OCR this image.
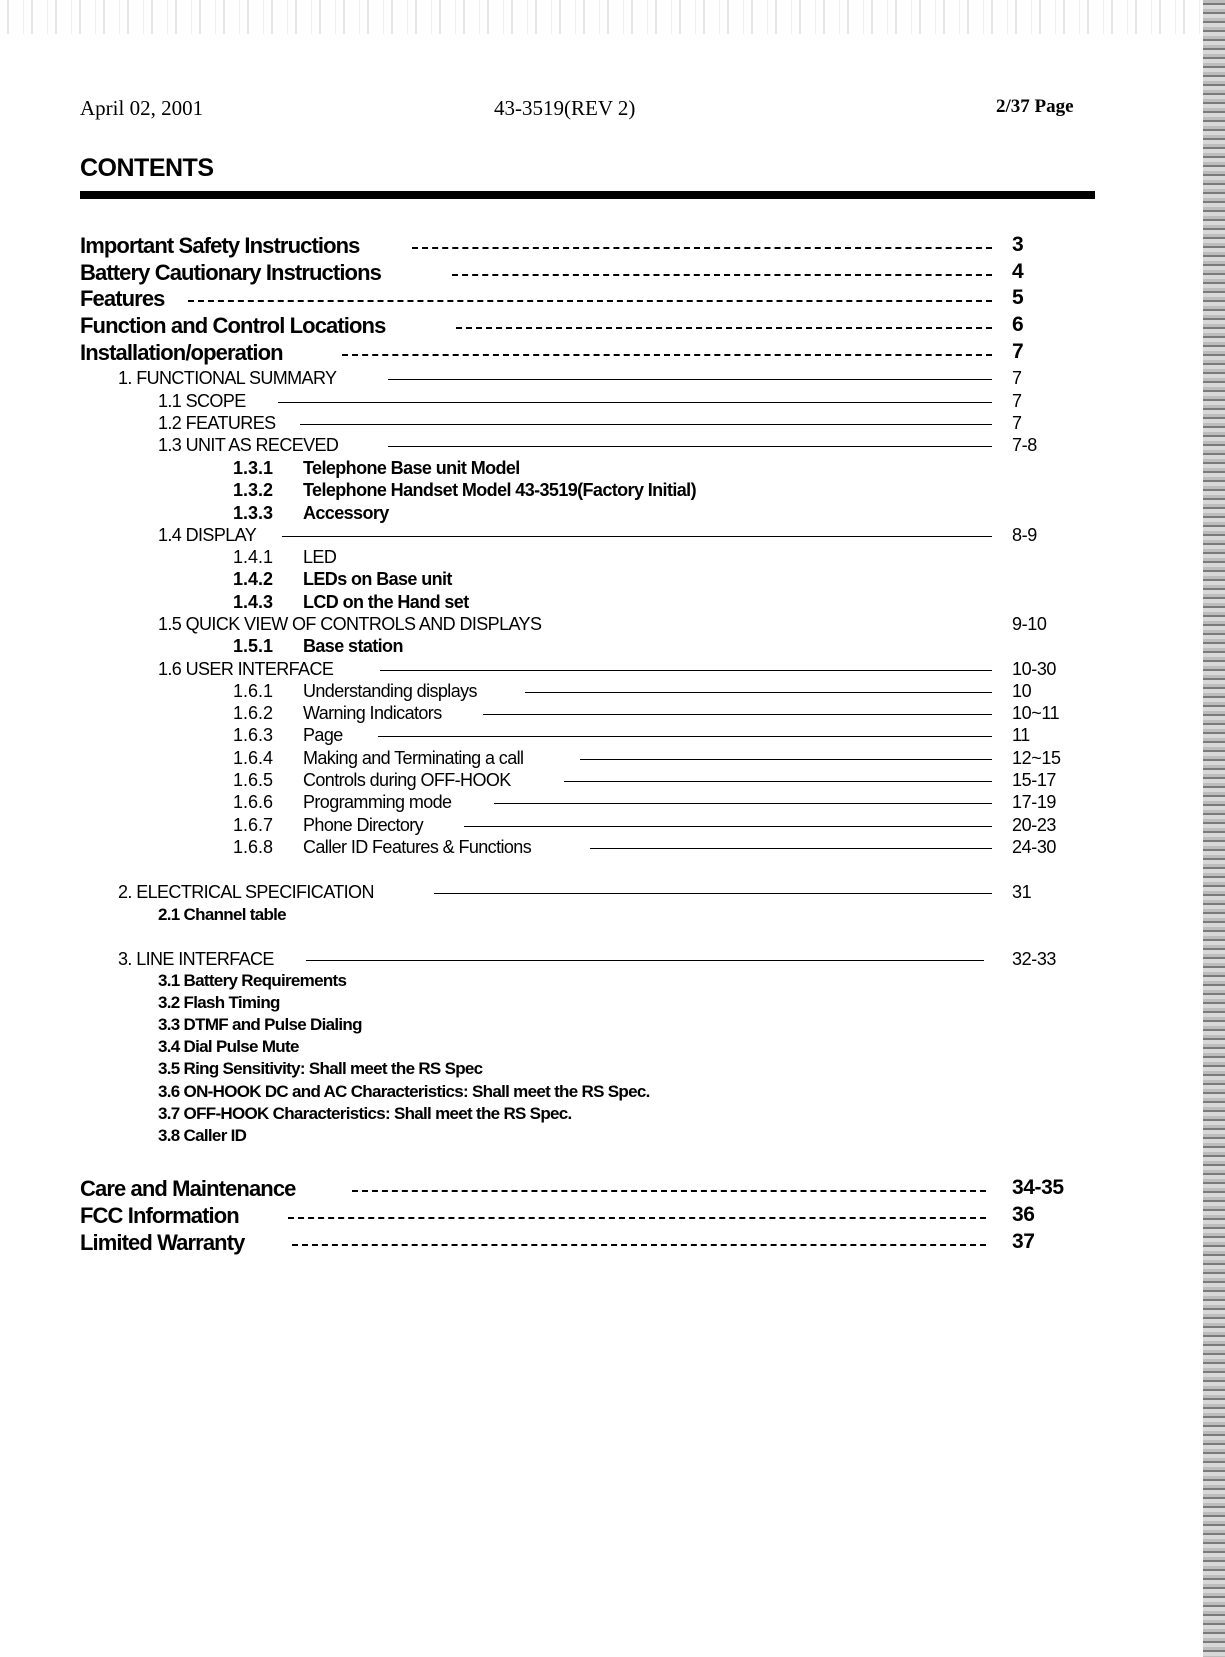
April 02, 2001	43-3519(REV 2)	2/37 Page
CONTENTS
Important Safety Instructions	3
Battery Cautionary Instructions	4
Features	5
Function and Control Locations	6
Installation/operation	7
1. FUNCTIONAL SUMMARY	7
1.1 SCOPE	7
1.2 FEATURES	7
1.3 UNIT AS RECEVED	7-8
1.3.1 Telephone Base unit Model
1.3.2 Telephone Handset Model 43-3519(Factory Initial)
1.3.3 Accessory
1.4 DISPLAY	8-9
1.4.1 LED
1.4.2 LEDs on Base unit
1.4.3 LCD on the Hand set
1.5 QUICK VIEW OF CONTROLS AND DISPLAYS	9-10
1.5.1 Base station
1.6 USER INTERFACE	10-30
1.6.1 Understanding displays	10
1.6.2 Warning Indicators	10~11
1.6.3 Page	11
1.6.4 Making and Terminating a call	12~15
1.6.5 Controls during OFF-HOOK	15-17
1.6.6 Programming mode	17-19
1.6.7 Phone Directory	20-23
1.6.8 Caller ID Features & Functions	24-30
2. ELECTRICAL SPECIFICATION	31
2.1 Channel table
3. LINE INTERFACE	32-33
3.1 Battery Requirements
3.2 Flash Timing
3.3 DTMF and Pulse Dialing
3.4 Dial Pulse Mute
3.5 Ring Sensitivity: Shall meet the RS Spec
3.6 ON-HOOK DC and AC Characteristics: Shall meet the RS Spec.
3.7 OFF-HOOK Characteristics: Shall meet the RS Spec.
3.8 Caller ID
Care and Maintenance	34-35
FCC Information	36
Limited Warranty	37
